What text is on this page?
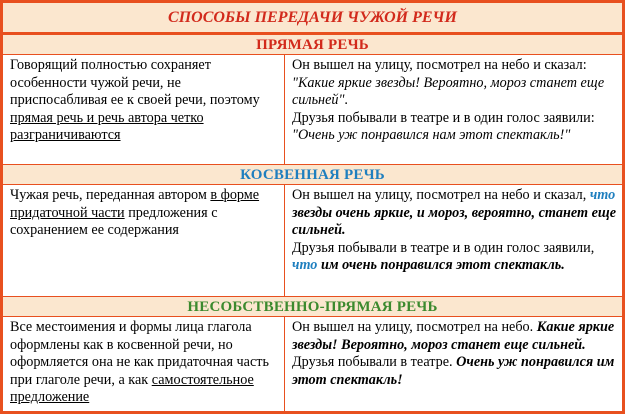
СПОСОБЫ ПЕРЕДАЧИ ЧУЖОЙ РЕЧИ
ПРЯМАЯ РЕЧЬ
Говорящий полностью сохраняет особенности чужой речи, не приспосабливая ее к своей речи, поэтому прямая речь и речь автора четко разграничиваются

Он вышел на улицу, посмотрел на небо и сказал: "Какие яркие звезды! Вероятно, мороз станет еще сильней".

Друзья побывали в театре и в один голос заявили: "Очень уж понравился нам этот спектакль!"

КОСВЕННАЯ РЕЧЬ
Чужая речь, переданная автором в форме придаточной части предложения с сохранением ее содержания

Он вышел на улицу, посмотрел на небо и сказал, что звезды очень яркие, и мороз, вероятно, станет еще сильней.

Друзья побывали в театре и в один голос заявили, что им очень понравился этот спектакль.

НЕСОБСТВЕННО-ПРЯМАЯ РЕЧЬ
Все местоимения и формы лица глагола оформлены как в косвенной речи, но оформляется она не как придаточная часть при глаголе речи, а как самостоятельное предложение

Он вышел на улицу, посмотрел на небо. Какие яркие звезды! Вероятно, мороз станет еще сильней.

Друзья побывали в театре. Очень уж понравился им этот спектакль!
